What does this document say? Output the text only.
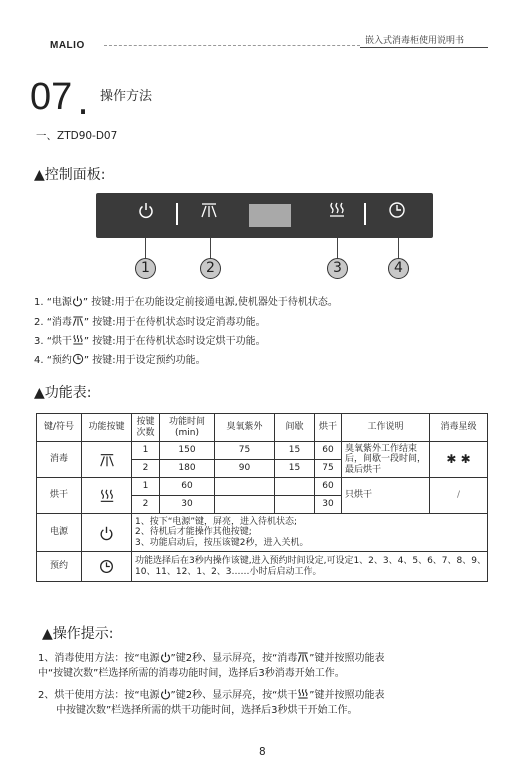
MALIO	嵌入式消毒柜使用说明书
07 . 操作方法
一、ZTD90-D07
▲控制面板:
1	2	3	4
1. “电源 ” 按键:用于在功能设定前接通电源,使机器处于待机状态。
2. “消毒 ” 按键:用于在待机状态时设定消毒功能。
3. “烘干 ” 按键:用于在待机状态时设定烘干功能。
4. “预约 ” 按键:用于设定预约功能。
▲功能表:
键/符号	功能按键	按键
次数	功能时间
(min)	臭氧紫外	间歇	烘干	工作说明	消毒星级
消毒		1	150	75	15	60	臭氧紫外工作结束后，间歇一段时间，最后烘干	✱ ✱
		2	180	90	15	75		
烘干		1	60			60	只烘干	/
		2	30			30		
电源		1、按下“电源”键，屏亮，进入待机状态;
2、待机后才能操作其他按键;
3、功能启动后，按压该键2秒，进入关机。						

预约		功能选择后在3秒内操作该键,进入预约时间设定,可设定1、2、3、4、5、6、7、8、9、10、11、12、1、2、3……小时后启动工作。						
▲操作提示:
1、消毒使用方法：按“电源 ”键2秒、显示屏亮，按“消毒 ”键并按照功能表
中“按键次数”栏选择所需的消毒功能时间，选择后3秒消毒开始工作。
2、烘干使用方法：按“电源 ”键2秒、显示屏亮，按“烘干 ”键并按照功能表
中按键次数”栏选择所需的烘干功能时间，选择后3秒烘干开始工作。
8
